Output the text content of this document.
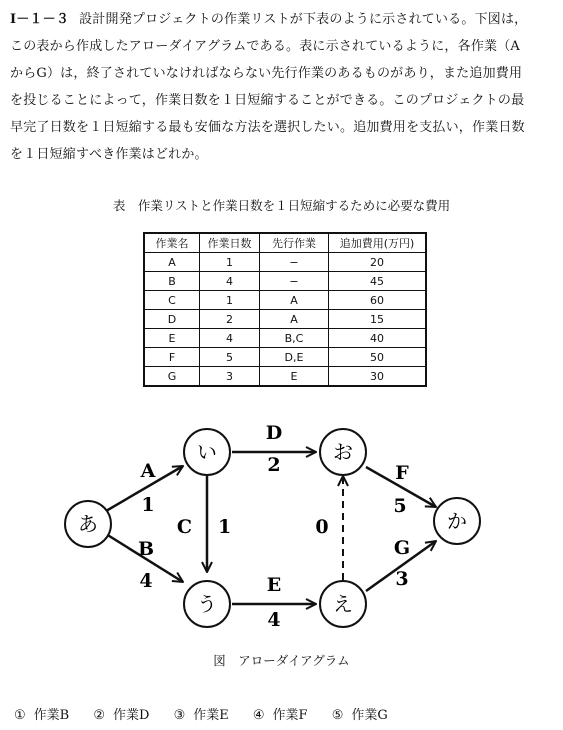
Ⅰ－１－３ 設計開発プロジェクトの作業リストが下表のように示されている。下図は，
この表から作成したアローダイアグラムである。表に示されているように，各作業（A
からG）は，終了されていなければならない先行作業のあるものがあり，また追加費用
を投じることによって，作業日数を１日短縮することができる。このプロジェクトの最
早完了日数を１日短縮する最も安価な方法を選択したい。追加費用を支払い，作業日数
を１日短縮すべき作業はどれか。
表　作業リストと作業日数を１日短縮するために必要な費用
作業名	作業日数	先行作業	追加費用(万円)
A	1	−	20
B	4	−	45
C	1	A	60
D	2	A	15
E	4	B,C	40
F	5	D,E	50
G	3	E	30
あ
い
う
お
え
か
A
1
B
4
C 1
D
2
E
4
0
F
5
G
3
図　アローダイアグラム
① 作業B ② 作業D ③ 作業E ④ 作業F ⑤ 作業G
